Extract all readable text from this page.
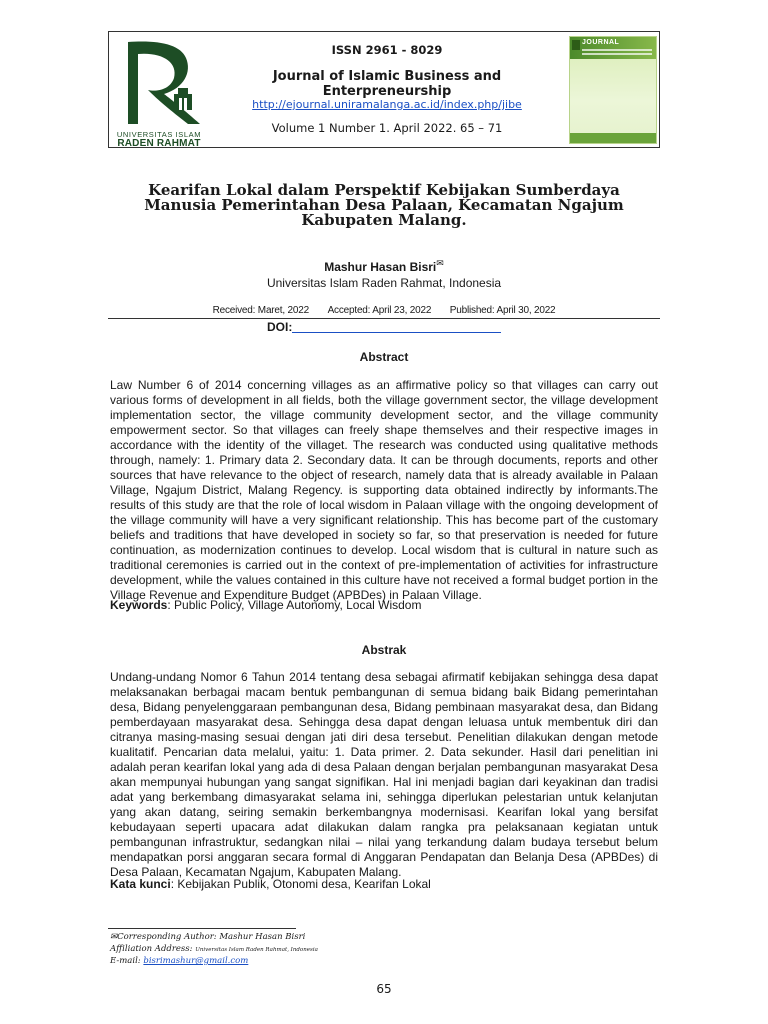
UNIVERSITAS ISLAM
RADEN RAHMAT
ISSN 2961 - 8029
Journal of Islamic Business and Enterpreneurship
http://ejournal.uniramalanga.ac.id/index.php/jibe
Volume 1 Number 1. April 2022. 65 – 71
JOURNAL
Kearifan Lokal dalam Perspektif Kebijakan Sumberdaya Manusia Pemerintahan Desa Palaan, Kecamatan Ngajum Kabupaten Malang.
Mashur Hasan Bisri✉
Universitas Islam Raden Rahmat, Indonesia
Received: Maret, 2022 Accepted: April 23, 2022 Published: April 30, 2022
DOI:
Abstract
Law Number 6 of 2014 concerning villages as an affirmative policy so that villages can carry out various forms of development in all fields, both the village government sector, the village development implementation sector, the village community development sector, and the village community empowerment sector. So that villages can freely shape themselves and their respective images in accordance with the identity of the villaget. The research was conducted using qualitative methods through, namely: 1. Primary data 2. Secondary data. It can be through documents, reports and other sources that have relevance to the object of research, namely data that is already available in Palaan Village, Ngajum District, Malang Regency. is supporting data obtained indirectly by informants.The results of this study are that the role of local wisdom in Palaan village with the ongoing development of the village community will have a very significant relationship. This has become part of the customary beliefs and traditions that have developed in society so far, so that preservation is needed for future continuation, as modernization continues to develop. Local wisdom that is cultural in nature such as traditional ceremonies is carried out in the context of pre-implementation of activities for infrastructure development, while the values contained in this culture have not received a formal budget portion in the Village Revenue and Expenditure Budget (APBDes) in Palaan Village.
Keywords: Public Policy, Village Autonomy, Local Wisdom
Abstrak
Undang-undang Nomor 6 Tahun 2014 tentang desa sebagai afirmatif kebijakan sehingga desa dapat melaksanakan berbagai macam bentuk pembangunan di semua bidang baik Bidang pemerintahan desa, Bidang penyelenggaraan pembangunan desa, Bidang pembinaan masyarakat desa, dan Bidang pemberdayaan masyarakat desa. Sehingga desa dapat dengan leluasa untuk membentuk diri dan citranya masing-masing sesuai dengan jati diri desa tersebut. Penelitian dilakukan dengan metode kualitatif. Pencarian data melalui, yaitu: 1. Data primer. 2. Data sekunder. Hasil dari penelitian ini adalah peran kearifan lokal yang ada di desa Palaan dengan berjalan pembangunan masyarakat Desa akan mempunyai hubungan yang sangat signifikan. Hal ini menjadi bagian dari keyakinan dan tradisi adat yang berkembang dimasyarakat selama ini, sehingga diperlukan pelestarian untuk kelanjutan yang akan datang, seiring semakin berkembangnya modernisasi. Kearifan lokal yang bersifat kebudayaan seperti upacara adat dilakukan dalam rangka pra pelaksanaan kegiatan untuk pembangunan infrastruktur, sedangkan nilai – nilai yang terkandung dalam budaya tersebut belum mendapatkan porsi anggaran secara formal di Anggaran Pendapatan dan Belanja Desa (APBDes) di Desa Palaan, Kecamatan Ngajum, Kabupaten Malang.
Kata kunci: Kebijakan Publik, Otonomi desa, Kearifan Lokal
✉Corresponding Author: Mashur Hasan Bisri
Affiliation Address: Universitas Islam Raden Rahmat, Indonesia
E-mail: bisrimashur@gmail.com
65
